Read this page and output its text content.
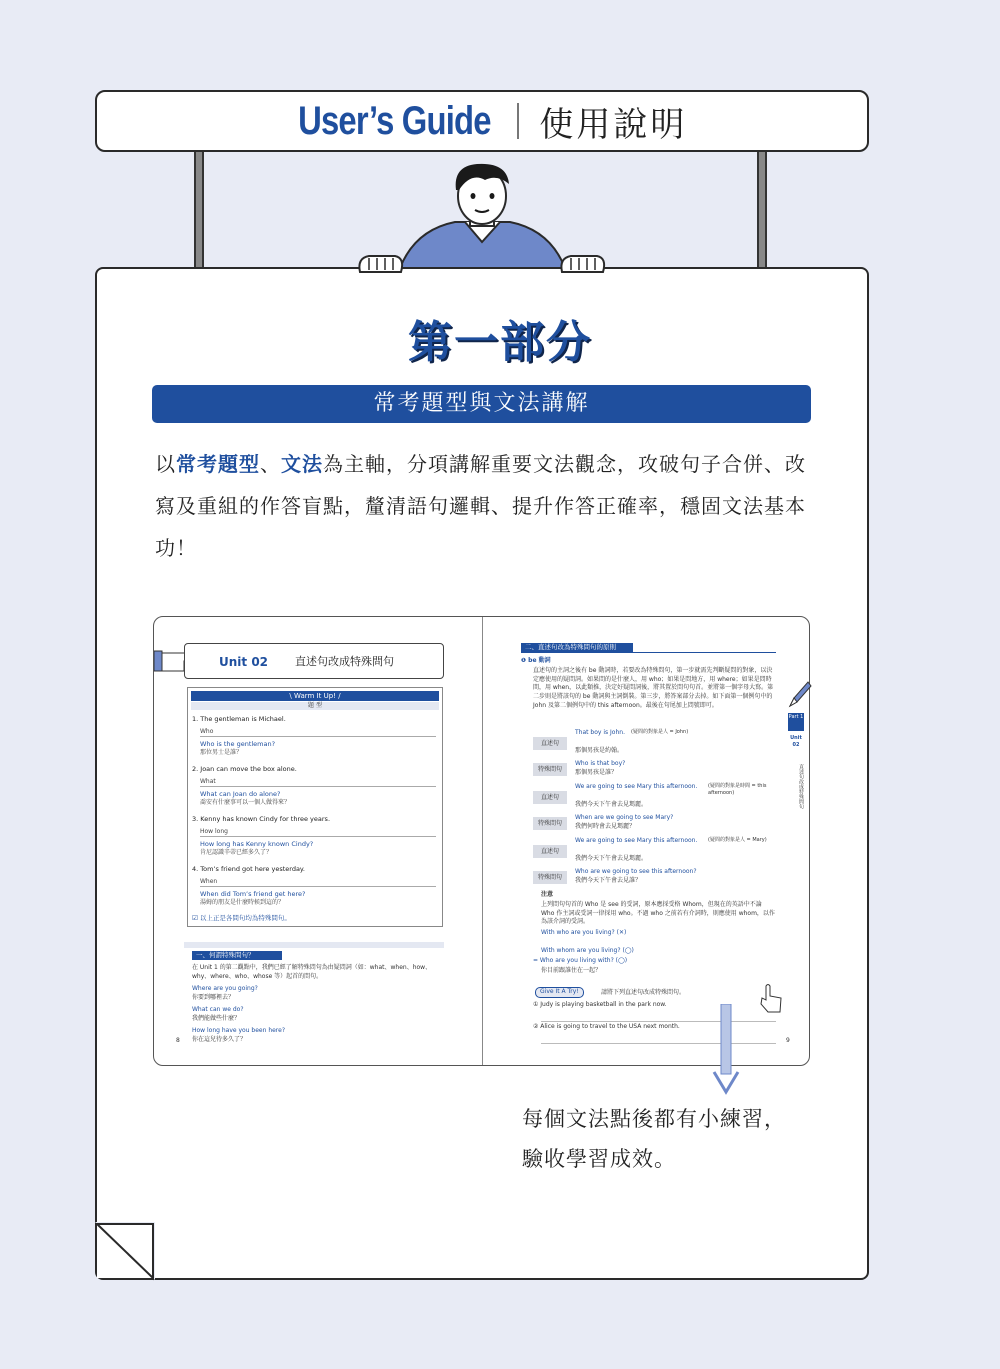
User’s Guide 使用說明
第一部分
常考題型與文法講解
以常考題型、文法為主軸，分項講解重要文法觀念，攻破句子合併、改寫及重組的作答盲點，釐清語句邏輯、提升作答正確率，穩固文法基本功！
Unit 02 直述句改成特殊問句
\ Warm It Up! /
題 型
1. The gentleman is Michael.
Who
Who is the gentleman?
那位男士是誰？
2. Joan can move the box alone.
What
What can Joan do alone?
喬安有什麼事可以一個人做得來？
3. Kenny has known Cindy for three years.
How long
How long has Kenny known Cindy?
肯尼認識辛蒂已經多久了？
4. Tom’s friend got here yesterday.
When
When did Tom’s friend get here?
湯姆的朋友是什麼時候到這的？
☑ 以上正是各問句均為特殊問句。
一、何謂特殊問句？
在 Unit 1 的第二觀點中，我們已經了解特殊問句為由疑問詞（如：what、when、how、why、where、who、whose 等）起首的問句。
Where are you going?
你要到哪裡去？
What can we do?
我們能做些什麼？
How long have you been here?
你在這兒待多久了？
8
二、直述句改為特殊問句的原則
❶ be 動詞
直述句的主詞之後有 be 動詞時，若要改為特殊問句，第一步就需先判斷疑問的對象，以決定應使用的疑問詞。如果問的是什麼人，用 who；如果是問地方，用 where；如果是問時間，用 when，以此類推，決定好疑問詞後，將其置於問句句首。並將第一個字母大寫。第二步則是將該句的 be 動詞與主詞倒裝。第三步，將答案部分去掉。如下面第一個例句中的 John 及第二個例句中的 this afternoon。最後在句尾加上問號即可。
直述句
That boy is John. (疑問的對象是人 = John)
那個男孩是約翰。
特殊問句
Who is that boy?
那個男孩是誰？
直述句
We are going to see Mary this afternoon. (疑問的對象是時間 = this afternoon)
我們今天下午會去見瑪麗。
特殊問句
When are we going to see Mary?
我們何時會去見瑪麗？
直述句
We are going to see Mary this afternoon. (疑問的對象是人 = Mary)
我們今天下午會去見瑪麗。
特殊問句
Who are we going to see this afternoon?
我們今天下午會去見誰？
注意
上列問句句首的 Who 是 see 的受詞，原本應採受格 Whom，但現在的英語中不論 Who 作主詞或受詞一律採用 who。不過 who 之前若有介詞時，則應使用 whom，以作為該介詞的受詞。
With who are you living? (✕)
With whom are you living? (◯)
= Who are you living with? (◯)
你目前跟誰住在一起？
Give It A Try!	請將下列直述句改成特殊問句。
① Judy is playing basketball in the park now.
② Alice is going to travel to the USA next month.
9
Part 1
Unit 02
直述句改成特殊問句
每個文法點後都有小練習，
驗收學習成效。
